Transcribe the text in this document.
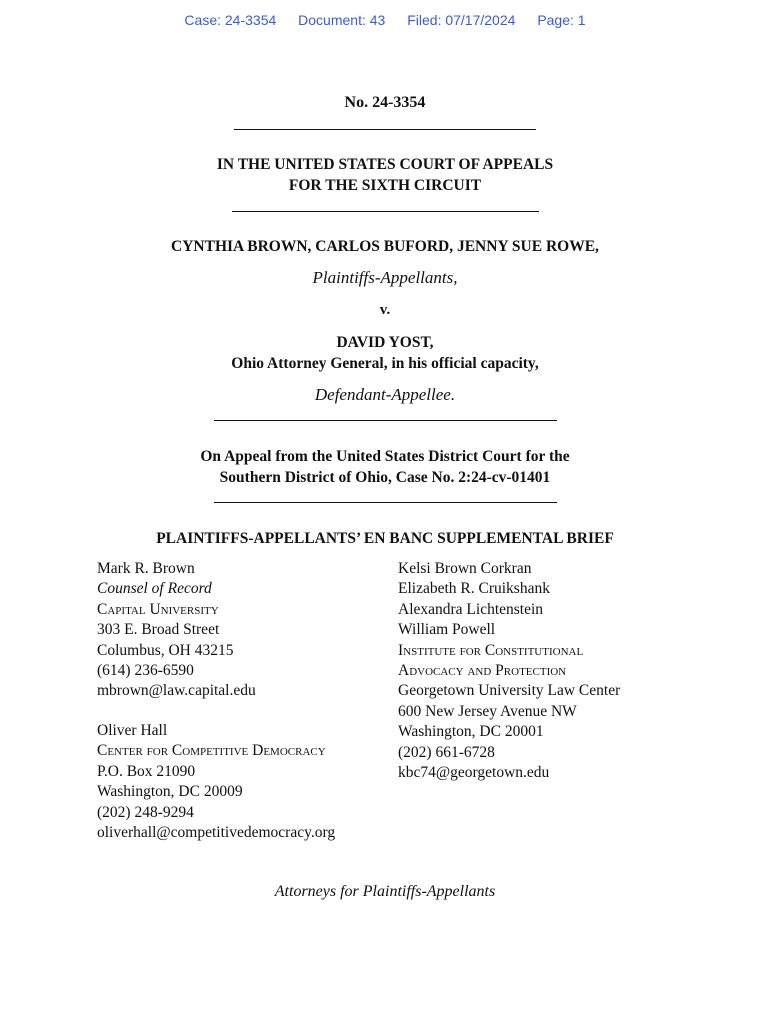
Case: 24-3354 Document: 43 Filed: 07/17/2024 Page: 1
No. 24-3354
IN THE UNITED STATES COURT OF APPEALS
FOR THE SIXTH CIRCUIT
CYNTHIA BROWN, CARLOS BUFORD, JENNY SUE ROWE,
Plaintiffs-Appellants,
v.
DAVID YOST,
Ohio Attorney General, in his official capacity,
Defendant-Appellee.
On Appeal from the United States District Court for the
Southern District of Ohio, Case No. 2:24-cv-01401
PLAINTIFFS-APPELLANTS’ EN BANC SUPPLEMENTAL BRIEF
Mark R. Brown
Counsel of Record
Capital University
303 E. Broad Street
Columbus, OH 43215
(614) 236-6590
mbrown@law.capital.edu
Oliver Hall
Center for Competitive Democracy
P.O. Box 21090
Washington, DC 20009
(202) 248-9294
oliverhall@competitivedemocracy.org
Kelsi Brown Corkran
Elizabeth R. Cruikshank
Alexandra Lichtenstein
William Powell
Institute for Constitutional
Advocacy and Protection
Georgetown University Law Center
600 New Jersey Avenue NW
Washington, DC 20001
(202) 661-6728
kbc74@georgetown.edu
Attorneys for Plaintiffs-Appellants
